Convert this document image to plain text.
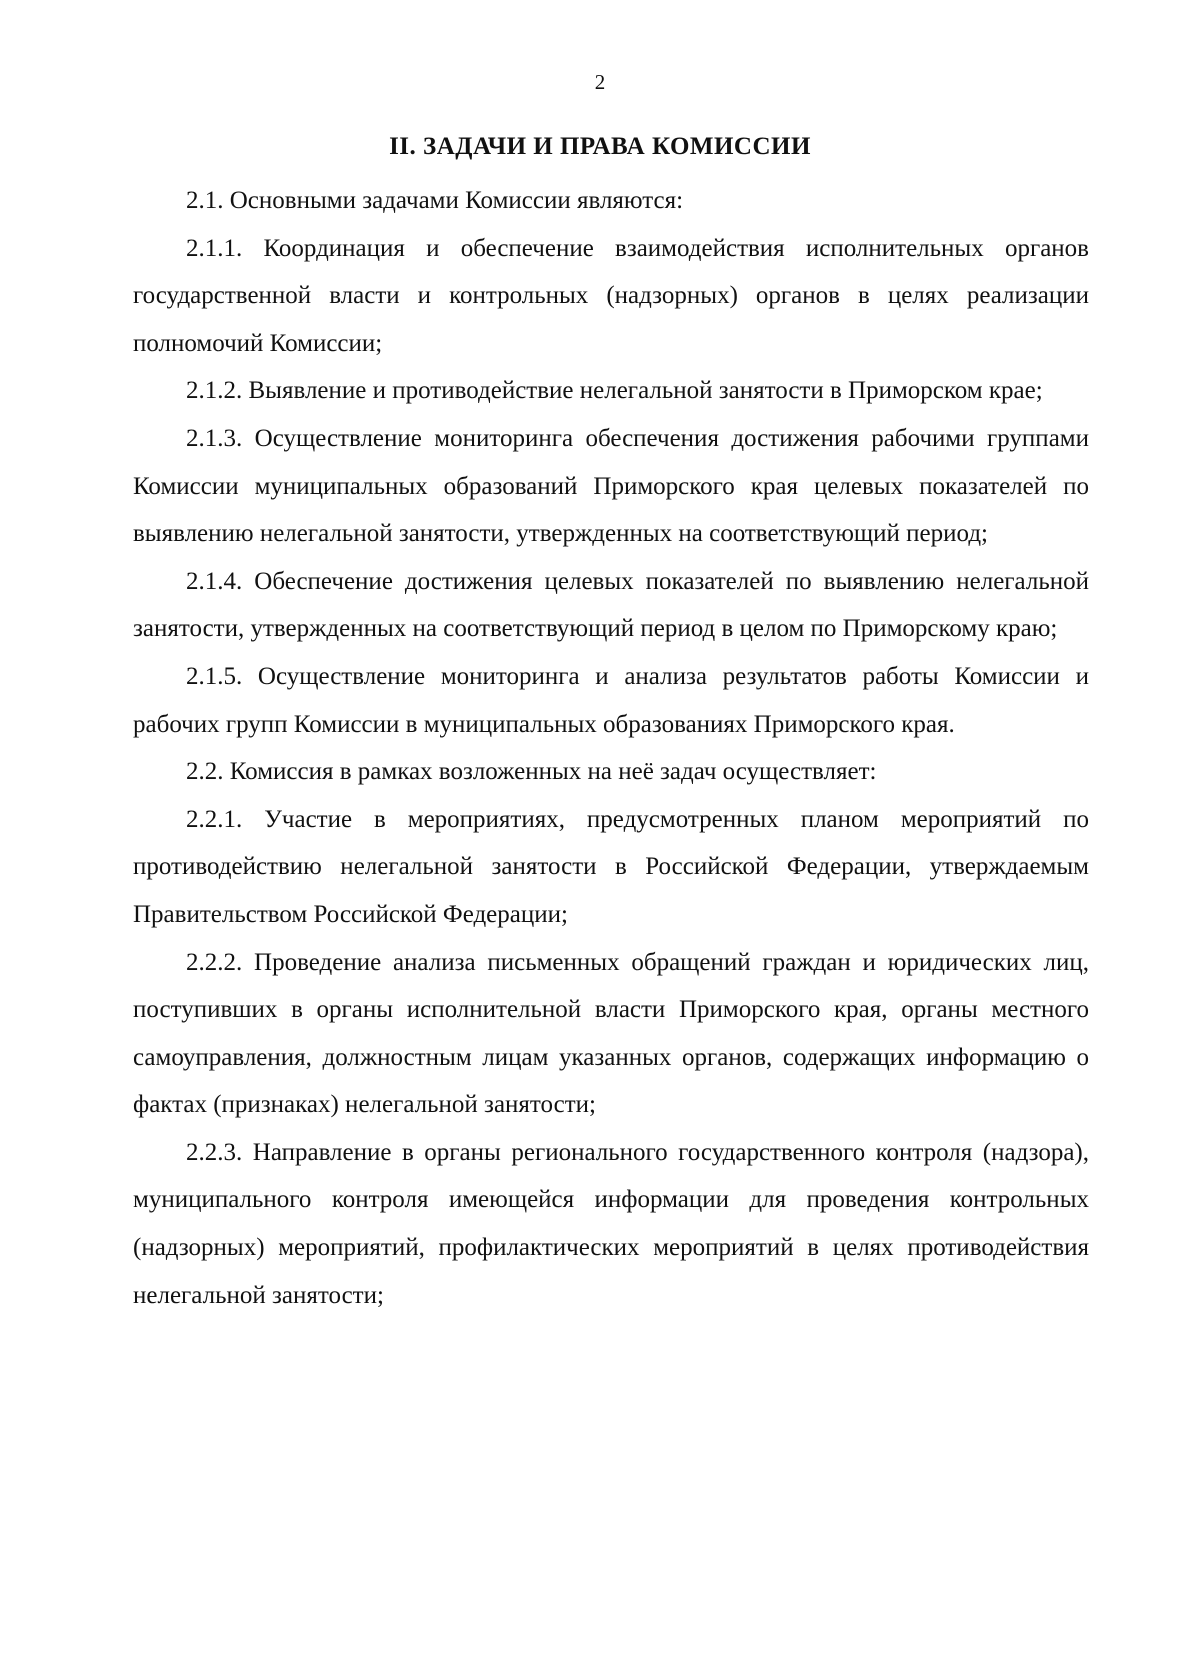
2
II. ЗАДАЧИ И ПРАВА КОМИССИИ

2.1. Основными задачами Комиссии являются:

2.1.1. Координация и обеспечение взаимодействия исполнительных органов государственной власти и контрольных (надзорных) органов в целях реализации полномочий Комиссии;

2.1.2. Выявление и противодействие нелегальной занятости в Приморском крае;

2.1.3. Осуществление мониторинга обеспечения достижения рабочими группами Комиссии муниципальных образований Приморского края целевых показателей по выявлению нелегальной занятости, утвержденных на соответствующий период;

2.1.4. Обеспечение достижения целевых показателей по выявлению нелегальной занятости, утвержденных на соответствующий период в целом по Приморскому краю;

2.1.5. Осуществление мониторинга и анализа результатов работы Комиссии и рабочих групп Комиссии в муниципальных образованиях Приморского края.

2.2. Комиссия в рамках возложенных на неё задач осуществляет:

2.2.1. Участие в мероприятиях, предусмотренных планом мероприятий по противодействию нелегальной занятости в Российской Федерации, утверждаемым Правительством Российской Федерации;

2.2.2. Проведение анализа письменных обращений граждан и юридических лиц, поступивших в органы исполнительной власти Приморского края, органы местного самоуправления, должностным лицам указанных органов, содержащих информацию о фактах (признаках) нелегальной занятости;

2.2.3. Направление в органы регионального государственного контроля (надзора), муниципального контроля имеющейся информации для проведения контрольных (надзорных) мероприятий, профилактических мероприятий в целях противодействия нелегальной занятости;
